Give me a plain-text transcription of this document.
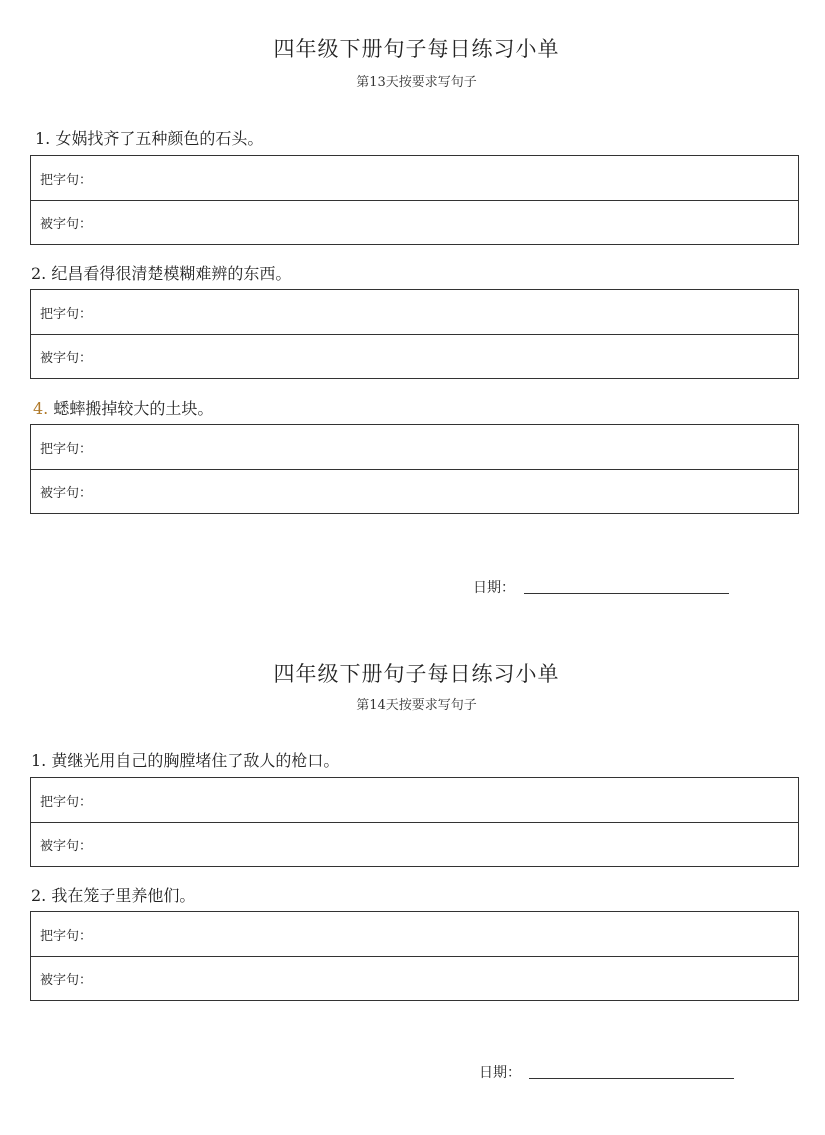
四年级下册句子每日练习小单
第13天按要求写句子
1. 女娲找齐了五种颜色的石头。
把字句：
被字句：
2. 纪昌看得很清楚模糊难辨的东西。
把字句：
被字句：
4. 蟋蟀搬掉较大的土块。
把字句：
被字句：
日期：
四年级下册句子每日练习小单
第14天按要求写句子
1. 黄继光用自己的胸膛堵住了敌人的枪口。
把字句：
被字句：
2. 我在笼子里养他们。
把字句：
被字句：
日期：
